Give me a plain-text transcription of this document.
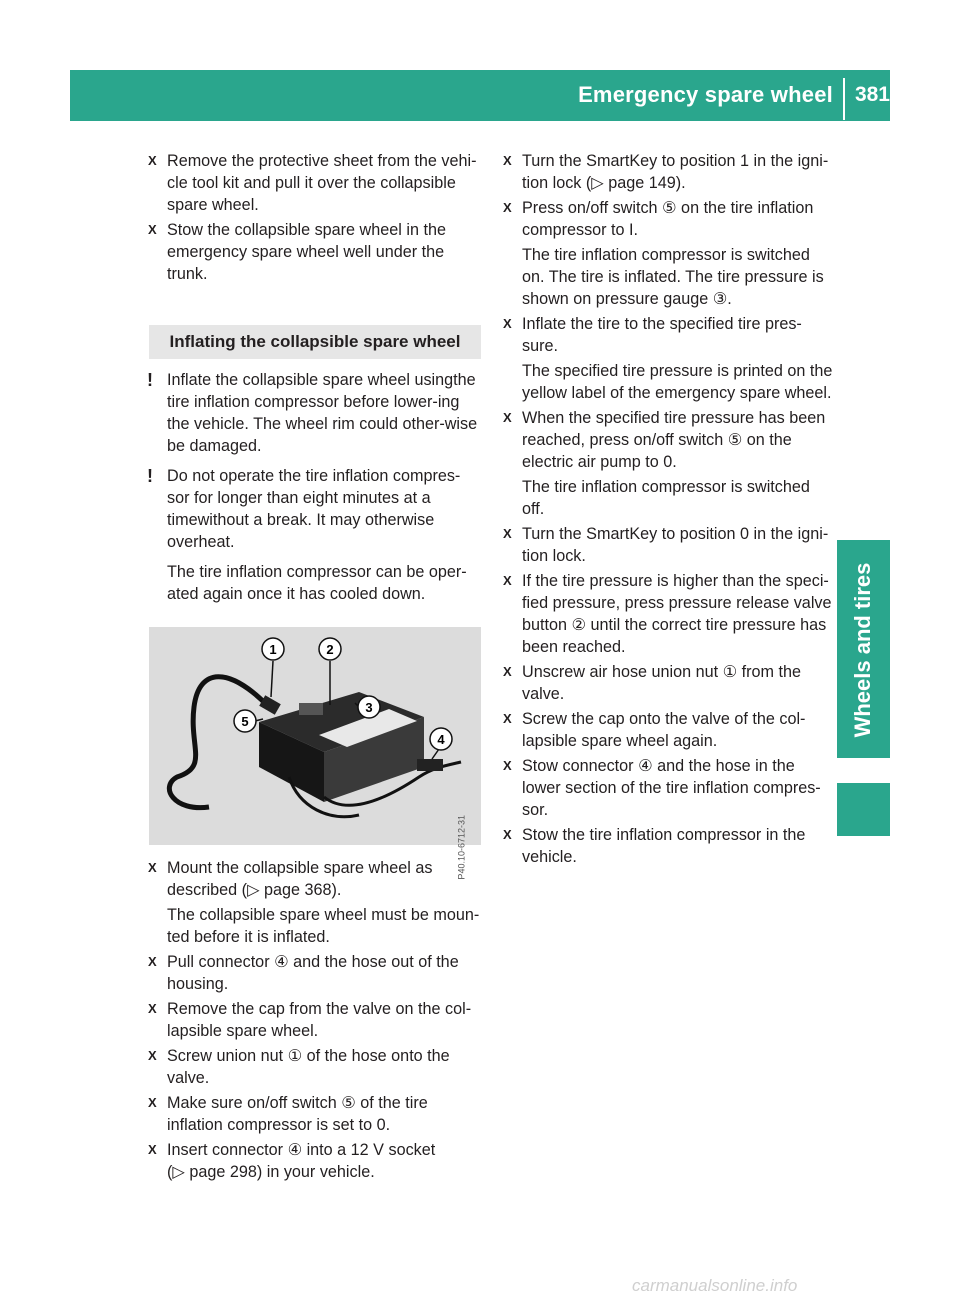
Emergency spare wheel	381
Wheels and tires
X Remove the protective sheet from the vehi-
cle tool kit and pull it over the collapsible
spare wheel.
X Stow the collapsible spare wheel in the
emergency spare wheel well under the
trunk.
Inflating the collapsible spare wheel
! Inflate the collapsible spare wheel usingthe tire inflation compressor before lower-ing the vehicle. The wheel rim could other-wise be damaged.
! Do not operate the tire inflation compres-sor for longer than eight minutes at a timewithout a break. It may otherwise overheat.
The tire inflation compressor can be oper-
ated again once it has cooled down.
1	2
3
4
5
P40.10-6712-31
X Mount the collapsible spare wheel as
described (▷ page 368).
The collapsible spare wheel must be moun-
ted before it is inflated.
X Pull connector ④ and the hose out of the
housing.
X Remove the cap from the valve on the col-
lapsible spare wheel.
X Screw union nut ① of the hose onto the
valve.
X Make sure on/off switch ⑤ of the tire
inflation compressor is set to 0.
X Insert connector ④ into a 12 V socket
(▷ page 298) in your vehicle.
X Turn the SmartKey to position 1 in the igni-
tion lock (▷ page 149).
X Press on/off switch ⑤ on the tire inflation
compressor to I.
The tire inflation compressor is switched
on. The tire is inflated. The tire pressure is
shown on pressure gauge ③.
X Inflate the tire to the specified tire pres-
sure.
The specified tire pressure is printed on the
yellow label of the emergency spare wheel.
X When the specified tire pressure has been
reached, press on/off switch ⑤ on the
electric air pump to 0.
The tire inflation compressor is switched
off.
X Turn the SmartKey to position 0 in the igni-
tion lock.
X If the tire pressure is higher than the speci-
fied pressure, press pressure release valve
button ② until the correct tire pressure has
been reached.
X Unscrew air hose union nut ① from the
valve.
X Screw the cap onto the valve of the col-
lapsible spare wheel again.
X Stow connector ④ and the hose in the
lower section of the tire inflation compres-
sor.
X Stow the tire inflation compressor in the
vehicle.
carmanualsonline.info
